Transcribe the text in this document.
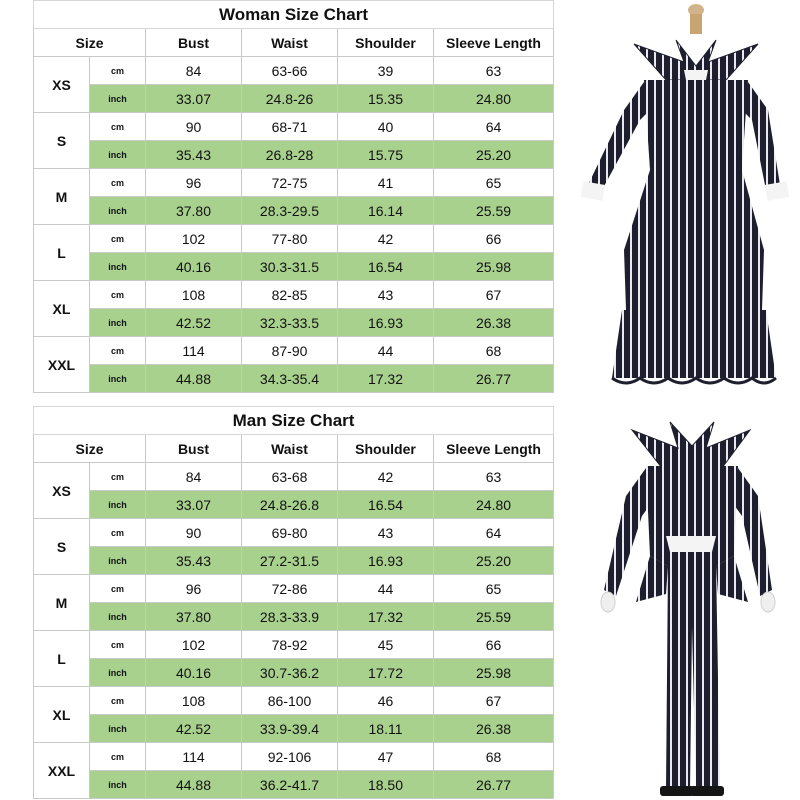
Woman Size Chart					
Size		Bust	Waist	Shoulder	Sleeve Length
XS	cm	84	63-66	39	63
	inch	33.07	24.8-26	15.35	24.80
S	cm	90	68-71	40	64
	inch	35.43	26.8-28	15.75	25.20
M	cm	96	72-75	41	65
	inch	37.80	28.3-29.5	16.14	25.59
L	cm	102	77-80	42	66
	inch	40.16	30.3-31.5	16.54	25.98
XL	cm	108	82-85	43	67
	inch	42.52	32.3-33.5	16.93	26.38
XXL	cm	114	87-90	44	68
	inch	44.88	34.3-35.4	17.32	26.77
Man Size Chart					
Size		Bust	Waist	Shoulder	Sleeve Length
XS	cm	84	63-68	42	63
	inch	33.07	24.8-26.8	16.54	24.80
S	cm	90	69-80	43	64
	inch	35.43	27.2-31.5	16.93	25.20
M	cm	96	72-86	44	65
	inch	37.80	28.3-33.9	17.32	25.59
L	cm	102	78-92	45	66
	inch	40.16	30.7-36.2	17.72	25.98
XL	cm	108	86-100	46	67
	inch	42.52	33.9-39.4	18.11	26.38
XXL	cm	114	92-106	47	68
	inch	44.88	36.2-41.7	18.50	26.77
